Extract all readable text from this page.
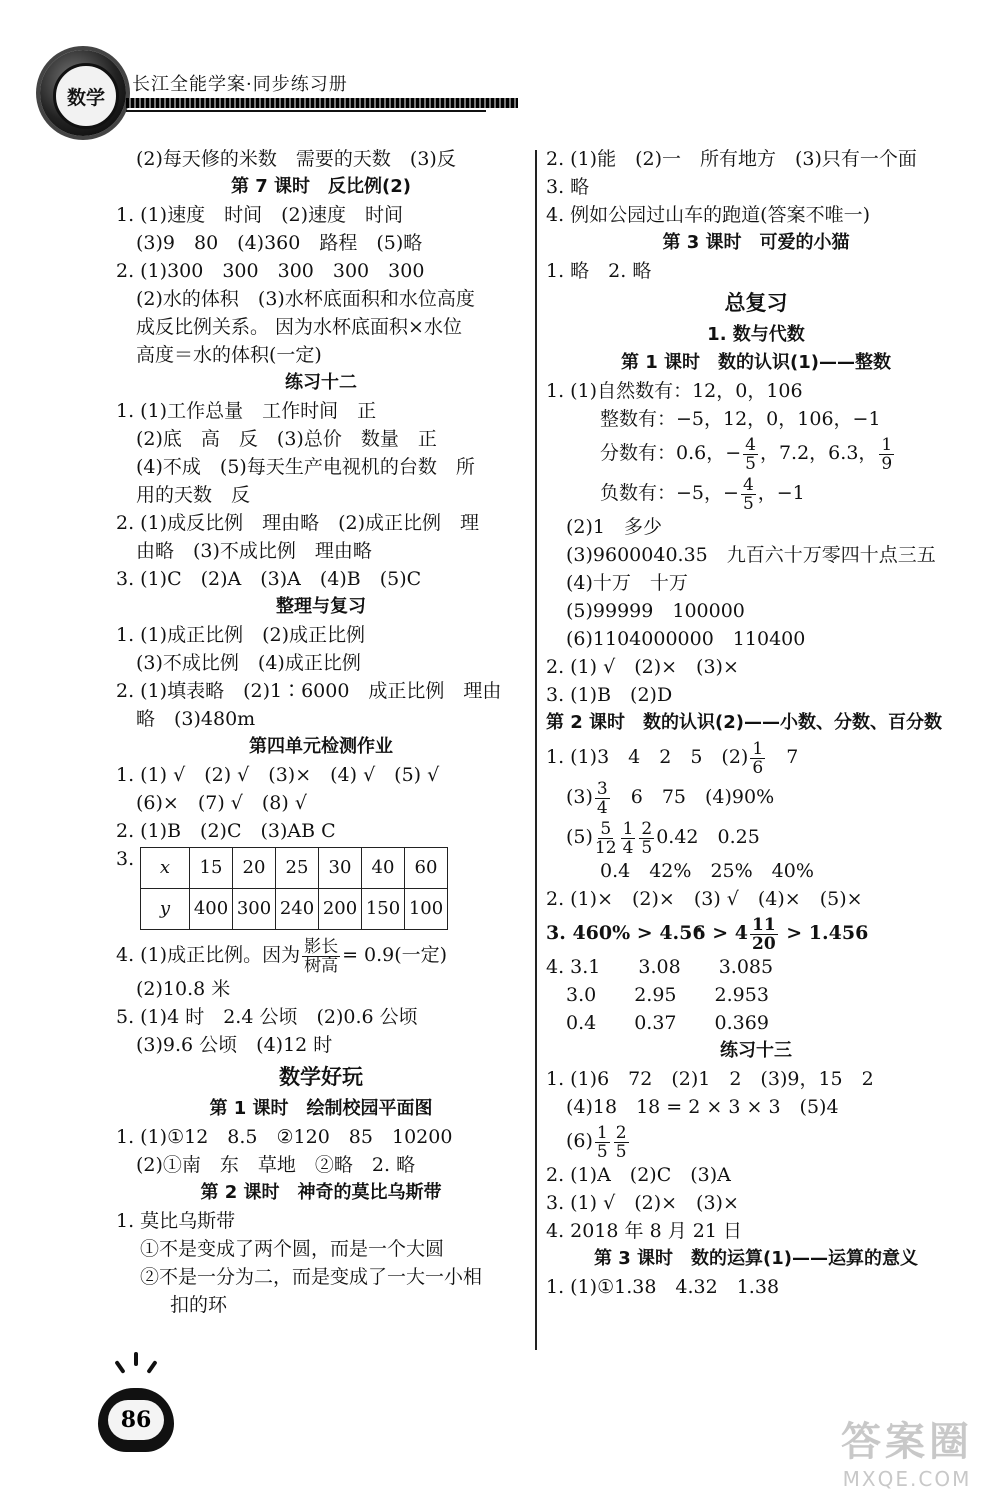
数学
长江全能学案·同步练习册
(2)每天修的米数　需要的天数　(3)反
第 7 课时　反比例(2)
1. (1)速度　时间　(2)速度　时间
(3)9　80　(4)360　路程　(5)略
2. (1)300　300　300　300　300
(2)水的体积　(3)水杯底面积和水位高度
成反比例关系。 因为水杯底面积×水位
高度＝水的体积(一定)
练习十二
1. (1)工作总量　工作时间　正
(2)底　高　反　(3)总价　数量　正
(4)不成　(5)每天生产电视机的台数　所
用的天数　反
2. (1)成反比例　理由略　(2)成正比例　理
由略　(3)不成比例　理由略
3. (1)C　(2)A　(3)A　(4)B　(5)C
整理与复习
1. (1)成正比例　(2)成正比例
(3)不成比例　(4)成正比例
2. (1)填表略　(2)1∶6000　成正比例　理由
略　(3)480m
第四单元检测作业
1. (1) √　(2) √　(3)×　(4) √　(5) √
(6)×　(7) √　(8) √
2. (1)B　(2)C　(3)AB C
3. x	15	20	25	30	40	60
y	400	300	240	200	150	100
4. (1)成正比例。因为 $\frac{\text{影长}}{\text{树高}} = 0.9$(一定)
(2)10.8 米
5. (1)4 时　2.4 公顷　(2)0.6 公顷
(3)9.6 公顷　(4)12 时
数学好玩
第 1 课时　绘制校园平面图
1. (1)①12　8.5　②120　85　10200
(2)①南　东　草地　②略　2. 略
第 2 课时　神奇的莫比乌斯带
1. 莫比乌斯带
①不是变成了两个圆，而是一个大圆
②不是一分为二，而是变成了一大一小相
扣的环
2. (1)能　(2)一　所有地方　(3)只有一个面
3. 略
4. 例如公园过山车的跑道(答案不唯一)
第 3 课时　可爱的小猫
1. 略　2. 略
总复习
1. 数与代数
第 1 课时　数的认识(1)——整数
1. (1)自然数有：12，0，106
整数有：−5，12，0，106，−1
分数有：0.6，− $\frac{4}{5}$ ，7.2，6.3， $\frac{1}{9}$
负数有：−5，− $\frac{4}{5}$ ，−1
(2)1　多少
(3)9600040.35　九百六十万零四十点三五
(4)十万　十万
(5)99999　100000
(6)1104000000　110400
2. (1) √　(2)×　(3)×
3. (1)B　(2)D
第 2 课时　数的认识(2)——小数、分数、百分数
1. (1)3　4　2　5　$(2) \frac{1}{6}$ 　7
$(3) \frac{3}{4}$ 　6　75　(4)90%
$(5) \frac{5}{12} \frac{1}{4} \frac{2}{5} 0.42$　0.25
0.4　42%　25%　40%
2. (1)×　(2)×　(3) √　(4)×　(5)×
3. 460% > 4.5• $6 > 4 \frac{11}{20} > 1.456$
4. 3.1　　3.08　　3.085
3.0　　2.95　　2.953
0.4　　0.37　　0.369
练习十三
1. (1)6　72　(2)1　2　(3)9，15　2
(4)18　18 = 2 × 3 × 3　(5)4
$(6) \frac{1}{5} \frac{2}{5}$
2. (1)A　(2)C　(3)A
3. (1) √　(2)×　(3)×
4. 2018 年 8 月 21 日
第 3 课时　数的运算(1)——运算的意义
1. (1)①1.38　4.32　1.38
86	答案圈
MXQE.COM
